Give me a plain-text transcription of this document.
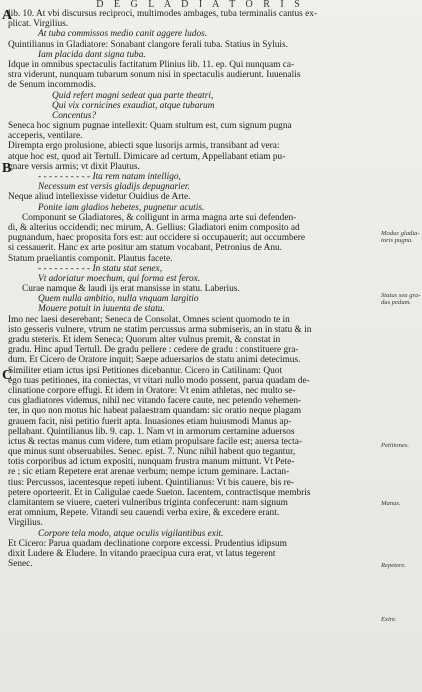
D E G L A D I A T O R I S
A
B
C
lib. 10. At vbi discursus reciproci, multimodes ambages, tuba terminalis cantus ex-
plicat. Virgilius.
At tuba commissos medio canit aggere ludos.
Quintilianus in Gladiatore: Sonabant clangore ferali tuba. Statius in Syluis.
Iam placida dant signa tuba.
Idque in omnibus spectaculis factitatum Plinius lib. 11. ep. Qui nunquam ca-
stra viderunt, nunquam tubarum sonum nisi in spectaculis audierunt. Iuuenalis
de Senum incommodis.
Quid refert magni sedeat qua parte theatri,
Qui vix cornicines exaudiat, atque tubarum
Concentus?
Seneca hoc signum pugnae intellexit: Quam stultum est, cum signum pugna
acceperis, ventilare.
Dirempta ergo prolusione, abiecti sque lusorijs armis, transibant ad vera:
atque hoc est, quod ait Tertull. Dimicare ad certum, Appellabant etiam pu-
gnare versis armis; vt dixit Plautus.
- - - - - - - - - - Ita rem natam intelligo,
Necessum est versis gladijs depugnarier.
Neque aliud intellexisse videtur Ouidius de Arte.
Ponite iam gladios hebetes, pugnetur acutis.
Componunt se Gladiatores, & colligunt in arma magna arte sui defenden-
di, & alterius occidendi; nec mirum, A. Gellius: Gladiatori enim composito ad
pugnandum, haec proposita fors est: aut occidere si occupauerit; aut occumbere
si cessauerit. Hanc ex arte positur am statum vocabant, Petronius de Anu.
Statum praeliantis componit. Plautus facete.
- - - - - - - - - - In statu stat senex,
Vt adoriatur moechum, qui forma est ferox.
Curae namque & laudi ijs erat mansisse in statu. Laberius.
Quem nulla ambitio, nulla vnquam largitio
Mouere potuit in iuuenta de statu.
Imo nec laesi deserebant; Seneca de Consolat. Omnes scient quomodo te in
isto gesseris vulnere, vtrum ne statim percussus arma submiseris, an in statu & in
gradu steteris. Et idem Seneca; Quorum alter vulnus premit, & constat in
gradu. Hinc apud Tertull. De gradu pellere : cedere de gradu : constituere gra-
dum. Et Cicero de Oratore inquit; Saepe aduersarios de statu animi detecimus.
Similiter etiam ictus ipsi Petitiones dicebantur. Cicero in Catilinam: Quot
ego tuas petitiones, ita coniectas, vt vitari nullo modo possent, parua quadam de-
clinatione corpore effugi. Et idem in Oratore: Vt enim athletas, nec multo se-
cus gladiatores videmus, nihil nec vitando facere caute, nec petendo vehemen-
ter, in quo non motus hic habeat palaestram quandam: sic oratio neque plagam
grauem facit, nisi petitio fuerit apta. Inuasiones etiam huiusmodi Manus ap-
pellabant. Quintilianus lib. 9. cap. 1. Nam vt in armorum certamine aduersos
ictus & rectas manus cum videre, tum etiam propulsare facile est; auersa tecta-
que minus sunt obseruabiles. Senec. epist. 7. Nunc nihil habent quo tegantur,
totis corporibus ad ictum expositi, nunquam frustra manum mittunt. Vt Pete-
re ; sic etiam Repetere erat arenae verbum; nempe ictum geminare. Lactan-
tius: Percussos, iacentesque repeti iubent. Quintilianus: Vt bis cauere, bis re-
petere oporteerit. Et in Caligulae caede Sueton. Iacentem, contractisque membris
clamitantem se viuere, caeteri vulneribus triginta confecerunt: nam signum
erat omnium, Repete. Vitandi seu cauendi verba exire, & excedere erant.
Virgilius.
Corpore tela modo, atque oculis vigilantibus exit.
Et Cicero: Parua quadam declinatione corpore excessi. Prudentius idipsum
dixit Ludere & Eludere. In vitando praecipua cura erat, vt latus tegerent
Senec.
Modus gladia-
toris pugna.
Status seu gra-
dus pedum.
Petitiones.
Manus.
Repetere.
Exire.
